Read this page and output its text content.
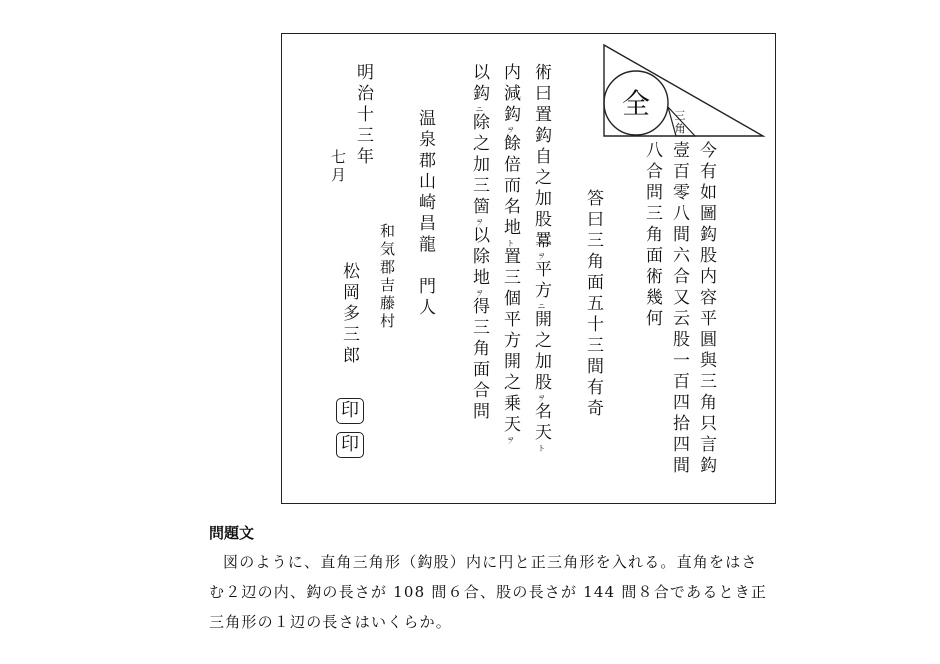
全 三角
今有如圖鈎股内容平圓與三角只言鈎
壹百零八間六合又云股一百四拾四間
八合問三角面術幾何
答曰三角面五十三間有奇
術曰置鈎自之加股羃ヲ平方ニ開之加股ヲ名天ト
内減鈎ヲ餘倍而名地ト置三個平方開之乗天ヲ
以鈎ニ除之加三箇ヲ以除地ヲ得三角面合問
温泉郡山崎昌龍　門人
和気郡吉藤村
松岡多三郎
印
印
明治十三年
七月
問題文

図のように、直角三角形（鈎股）内に円と正三角形を入れる。直角をはさ

む２辺の内、鈎の長さが 108 間６合、股の長さが 144 間８合であるとき正

三角形の１辺の長さはいくらか。
